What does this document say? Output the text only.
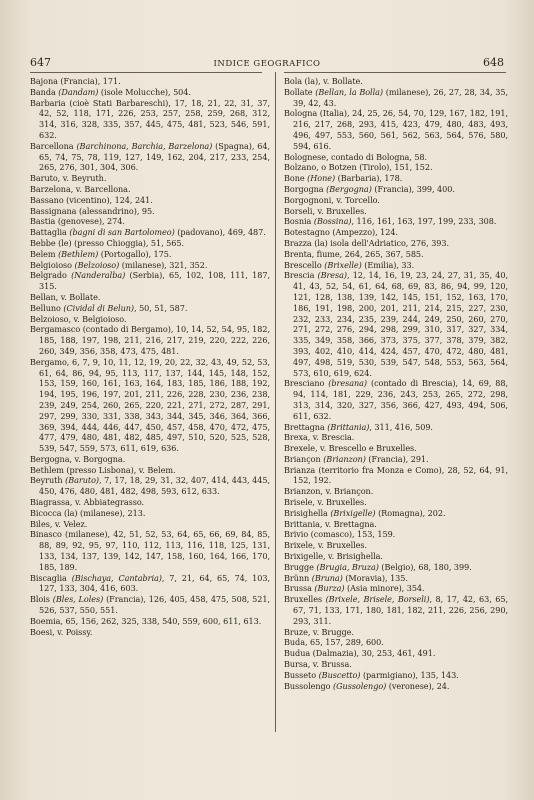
647	INDICE GEOGRAFICO	648

Bajona (Francia), 171.

Banda (Dandam) (isole Molucche), 504.

Barbaria (cioè Stati Barbareschi), 17, 18, 21, 22, 31, 37, 42, 52, 118, 171, 226, 253, 257, 258, 259, 268, 312, 314, 316, 328, 335, 357, 445, 475, 481, 523, 546, 591, 632.

Barcellona (Barchinona, Barchia, Barzelona) (Spagna), 64, 65, 74, 75, 78, 119, 127, 149, 162, 204, 217, 233, 254, 265, 276, 301, 304, 306.

Baruto, v. Beyruth.

Barzelona, v. Barcellona.

Bassano (vicentino), 124, 241.

Bassignana (alessandrino), 95.

Bastia (genovese), 274.

Battaglia (bagni di san Bartolomeo) (padovano), 469, 487.

Bebbe (le) (presso Chioggia), 51, 565.

Belem (Bethlem) (Portogallo), 175.

Belgioioso (Belzoioso) (milanese), 321, 352.

Belgrado (Nanderalba) (Serbia), 65, 102, 108, 111, 187, 315.

Bellan, v. Bollate.

Belluno (Cividal di Belun), 50, 51, 587.

Belzoioso, v. Belgioioso.

Bergamasco (contado di Bergamo), 10, 14, 52, 54, 95, 182, 185, 188, 197, 198, 211, 216, 217, 219, 220, 222, 226, 260, 349, 356, 358, 473, 475, 481.

Bergamo, 6, 7, 9, 10, 11, 12, 19, 20, 22, 32, 43, 49, 52, 53, 61, 64, 86, 94, 95, 113, 117, 137, 144, 145, 148, 152, 153, 159, 160, 161, 163, 164, 183, 185, 186, 188, 192, 194, 195, 196, 197, 201, 211, 226, 228, 230, 236, 238, 239, 249, 254, 260, 265, 220, 221, 271, 272, 287, 291, 297, 299, 330, 331, 338, 343, 344, 345, 346, 364, 366, 369, 394, 444, 446, 447, 450, 457, 458, 470, 472, 475, 477, 479, 480, 481, 482, 485, 497, 510, 520, 525, 528, 539, 547, 559, 573, 611, 619, 636.

Bergogna, v. Borgogna.

Bethlem (presso Lisbona), v. Belem.

Beyruth (Baruto), 7, 17, 18, 29, 31, 32, 407, 414, 443, 445, 450, 476, 480, 481, 482, 498, 593, 612, 633.

Biagrassa, v. Abbiategrasso.

Bicocca (la) (milanese), 213.

Biles, v. Velez.

Binasco (milanese), 42, 51, 52, 53, 64, 65, 66, 69, 84, 85, 88, 89, 92, 95, 97, 110, 112, 113, 116, 118, 125, 131, 133, 134, 137, 139, 142, 147, 158, 160, 164, 166, 170, 185, 189.

Biscaglia (Bischaya, Cantabria), 7, 21, 64, 65, 74, 103, 127, 133, 304, 416, 603.

Blois (Bles, Loles) (Francia), 126, 405, 458, 475, 508, 521, 526, 537, 550, 551.

Boemia, 65, 156, 262, 325, 338, 540, 559, 600, 611, 613.

Boesi, v. Poissy.

Bola (la), v. Bollate.

Bollate (Bellan, la Bolla) (milanese), 26, 27, 28, 34, 35, 39, 42, 43.

Bologna (Italia), 24, 25, 26, 54, 70, 129, 167, 182, 191, 216, 217, 268, 293, 415, 423, 479, 480, 483, 493, 496, 497, 553, 560, 561, 562, 563, 564, 576, 580, 594, 616.

Bolognese, contado di Bologna, 58.

Bolzano, o Botzen (Tirolo), 151, 152.

Bone (Hone) (Barbaria), 178.

Borgogna (Bergogna) (Francia), 399, 400.

Borgognoni, v. Torcello.

Borseli, v. Bruxelles.

Bosnia (Bossina), 116, 161, 163, 197, 199, 233, 308.

Botestagno (Ampezzo), 124.

Brazza (la) isola dell'Adriatico, 276, 393.

Brenta, fiume, 264, 265, 367, 585.

Brescello (Brixelle) (Emilia), 33.

Brescia (Bresa), 12, 14, 16, 19, 23, 24, 27, 31, 35, 40, 41, 43, 52, 54, 61, 64, 68, 69, 83, 86, 94, 99, 120, 121, 128, 138, 139, 142, 145, 151, 152, 163, 170, 186, 191, 198, 200, 201, 211, 214, 215, 227, 230, 232, 233, 234, 235, 239, 244, 249, 250, 260, 270, 271, 272, 276, 294, 298, 299, 310, 317, 327, 334, 335, 349, 358, 366, 373, 375, 377, 378, 379, 382, 393, 402, 410, 414, 424, 457, 470, 472, 480, 481, 497, 498, 519, 530, 539, 547, 548, 553, 563, 564, 573, 610, 619, 624.

Bresciano (bresana) (contado di Brescia), 14, 69, 88, 94, 114, 181, 229, 236, 243, 253, 265, 272, 298, 313, 314, 320, 327, 356, 366, 427, 493, 494, 506, 611, 632.

Brettagna (Brittania), 311, 416, 509.

Brexa, v. Brescia.

Brexele, v. Brescello e Bruxelles.

Briançon (Brianzon) (Francia), 291.

Brianza (territorio fra Monza e Como), 28, 52, 64, 91, 152, 192.

Brianzon, v. Briançon.

Brisele, v. Bruxelles.

Brisighella (Brixigelle) (Romagna), 202.

Brittania, v. Brettagna.

Brivio (comasco), 153, 159.

Brixele, v. Bruxelles.

Brixigelle, v. Brisighella.

Brugge (Brugia, Bruza) (Belgio), 68, 180, 399.

Brünn (Bruna) (Moravia), 135.

Brussa (Burza) (Asia minore), 354.

Bruxelles (Brixele, Brisele, Borseli), 8, 17, 42, 63, 65, 67, 71, 133, 171, 180, 181, 182, 211, 226, 256, 290, 293, 311.

Bruze, v. Brugge.

Buda, 65, 157, 289, 600.

Budua (Dalmazia), 30, 253, 461, 491.

Bursa, v. Brussa.

Busseto (Buscetto) (parmigiano), 135, 143.

Bussolengo (Gussolengo) (veronese), 24.
